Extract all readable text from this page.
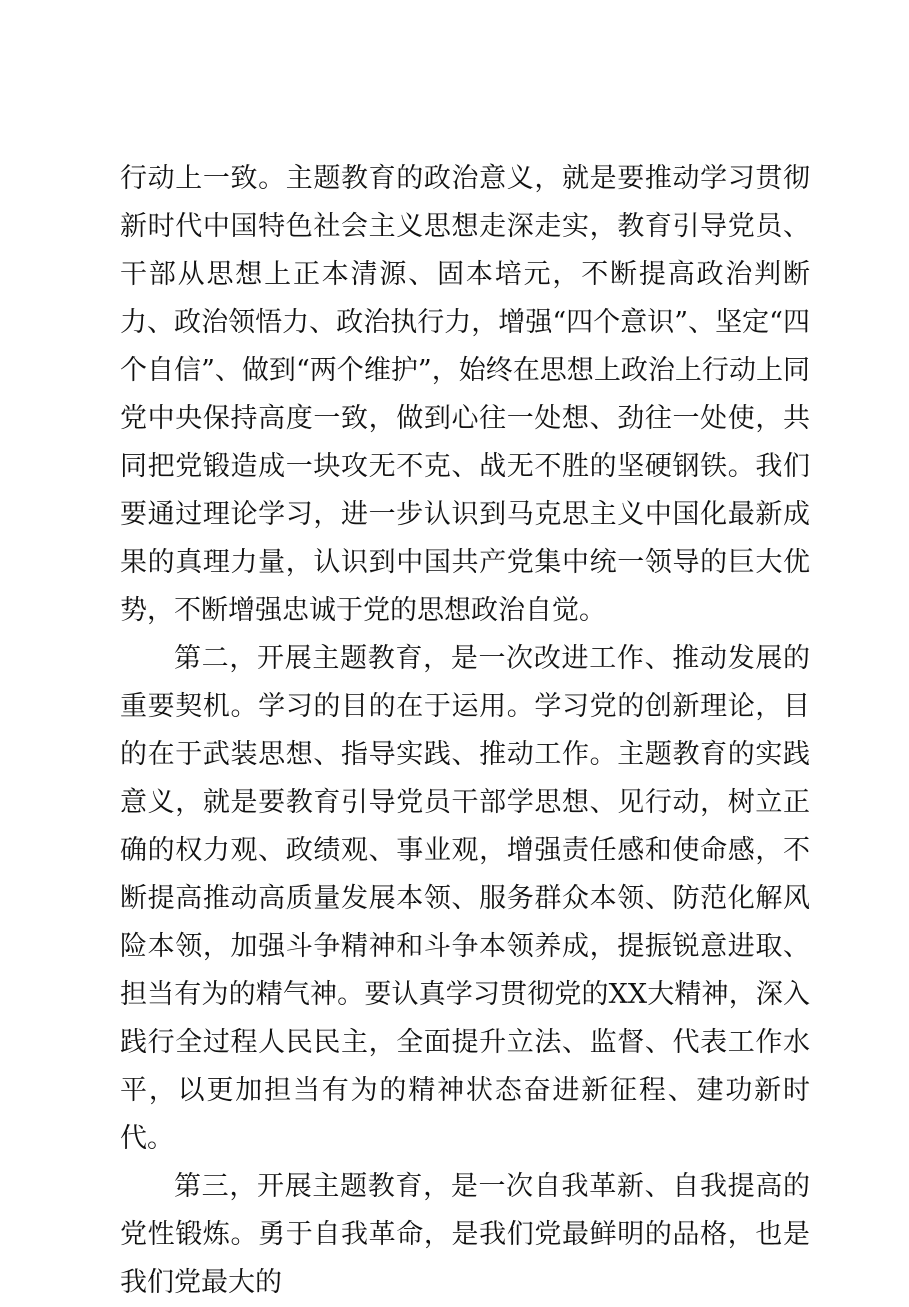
行动上一致。主题教育的政治意义，就是要推动学习贯彻新时代中国特色社会主义思想走深走实，教育引导党员、干部从思想上正本清源、固本培元，不断提高政治判断力、政治领悟力、政治执行力，增强“四个意识”、坚定“四个自信”、做到“两个维护”，始终在思想上政治上行动上同党中央保持高度一致，做到心往一处想、劲往一处使，共同把党锻造成一块攻无不克、战无不胜的坚硬钢铁。我们要通过理论学习，进一步认识到马克思主义中国化最新成果的真理力量，认识到中国共产党集中统一领导的巨大优势，不断增强忠诚于党的思想政治自觉。

第二，开展主题教育，是一次改进工作、推动发展的重要契机。学习的目的在于运用。学习党的创新理论，目的在于武装思想、指导实践、推动工作。主题教育的实践意义，就是要教育引导党员干部学思想、见行动，树立正确的权力观、政绩观、事业观，增强责任感和使命感，不断提高推动高质量发展本领、服务群众本领、防范化解风险本领，加强斗争精神和斗争本领养成，提振锐意进取、担当有为的精气神。要认真学习贯彻党的XX大精神，深入践行全过程人民民主，全面提升立法、监督、代表工作水平，以更加担当有为的精神状态奋进新征程、建功新时代。

第三，开展主题教育，是一次自我革新、自我提高的党性锻炼。勇于自我革命，是我们党最鲜明的品格，也是我们党最大的
